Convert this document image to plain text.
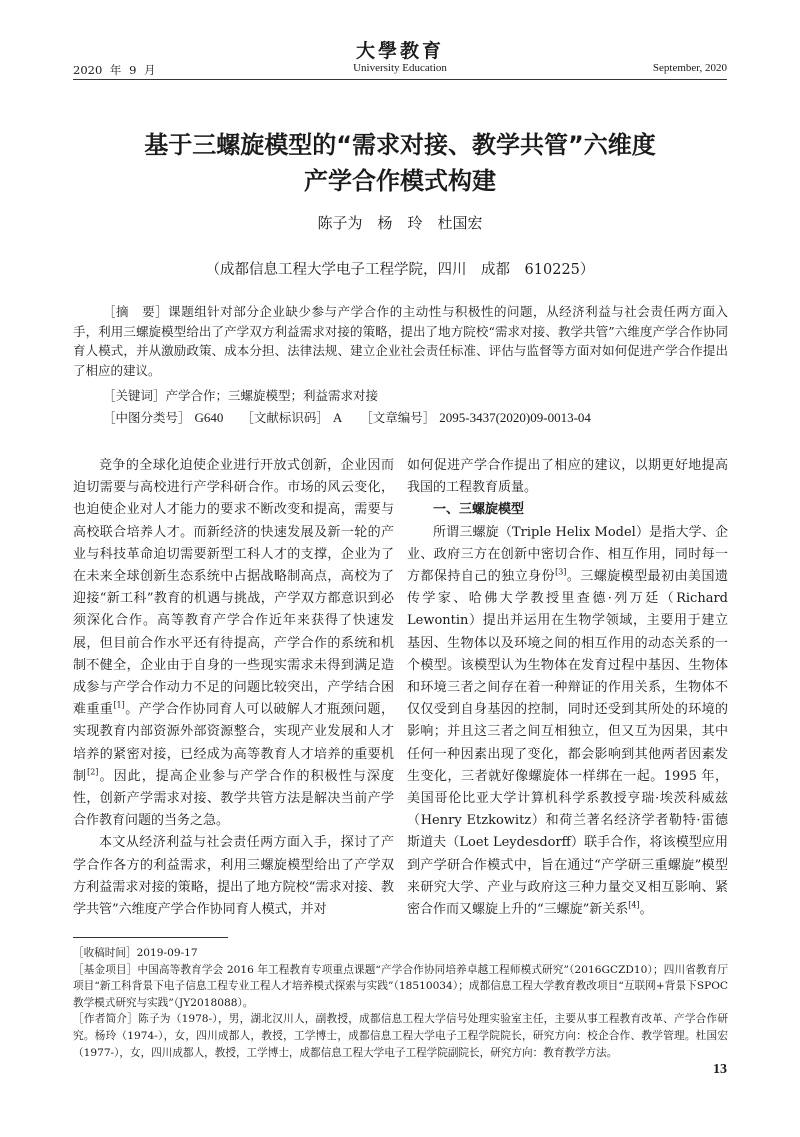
大學教育
2020 年 9 月	University Education	September, 2020
基于三螺旋模型的“需求对接、教学共管”六维度
产学合作模式构建
陈子为　杨　玲　杜国宏
（成都信息工程大学电子工程学院，四川　成都　610225）
［摘　要］课题组针对部分企业缺少参与产学合作的主动性与积极性的问题，从经济利益与社会责任两方面入手，利用三螺旋模型给出了产学双方利益需求对接的策略，提出了地方院校“需求对接、教学共管”六维度产学合作协同育人模式，并从激励政策、成本分担、法律法规、建立企业社会责任标准、评估与监督等方面对如何促进产学合作提出了相应的建议。
［关键词］产学合作；三螺旋模型；利益需求对接
［中图分类号］ G640 ［文献标识码］ A ［文章编号］ 2095-3437(2020)09-0013-04

竞争的全球化迫使企业进行开放式创新，企业因而迫切需要与高校进行产学科研合作。市场的风云变化，也迫使企业对人才能力的要求不断改变和提高，需要与高校联合培养人才。而新经济的快速发展及新一轮的产业与科技革命迫切需要新型工科人才的支撑，企业为了在未来全球创新生态系统中占据战略制高点，高校为了迎接“新工科”教育的机遇与挑战，产学双方都意识到必须深化合作。高等教育产学合作近年来获得了快速发展，但目前合作水平还有待提高，产学合作的系统和机制不健全，企业由于自身的一些现实需求未得到满足造成参与产学合作动力不足的问题比较突出，产学结合困难重重[1]。产学合作协同育人可以破解人才瓶颈问题，实现教育内部资源外部资源整合，实现产业发展和人才培养的紧密对接，已经成为高等教育人才培养的重要机制[2]。因此，提高企业参与产学合作的积极性与深度性，创新产学需求对接、教学共管方法是解决当前产学合作教育问题的当务之急。

本文从经济利益与社会责任两方面入手，探讨了产学合作各方的利益需求，利用三螺旋模型给出了产学双方利益需求对接的策略，提出了地方院校“需求对接、教学共管”六维度产学合作协同育人模式，并对

如何促进产学合作提出了相应的建议，以期更好地提高我国的工程教育质量。

一、三螺旋模型

所谓三螺旋（Triple Helix Model）是指大学、企业、政府三方在创新中密切合作、相互作用，同时每一方都保持自己的独立身份[3]。三螺旋模型最初由美国遗传学家、哈佛大学教授里查德·列万廷（Richard Lewontin）提出并运用在生物学领域，主要用于建立基因、生物体以及环境之间的相互作用的动态关系的一个模型。该模型认为生物体在发育过程中基因、生物体和环境三者之间存在着一种辩证的作用关系，生物体不仅仅受到自身基因的控制，同时还受到其所处的环境的影响；并且这三者之间互相独立，但又互为因果，其中任何一种因素出现了变化，都会影响到其他两者因素发生变化，三者就好像螺旋体一样绑在一起。1995 年，美国哥伦比亚大学计算机科学系教授亨瑞·埃茨科威兹（Henry Etzkowitz）和荷兰著名经济学者勒特·雷德斯道夫（Loet Leydesdorff）联手合作，将该模型应用到产学研合作模式中，旨在通过“产学研三重螺旋”模型来研究大学、产业与政府这三种力量交叉相互影响、紧密合作而又螺旋上升的“三螺旋”新关系[4]。

［收稿时间］2019-09-17

［基金项目］中国高等教育学会 2016 年工程教育专项重点课题“产学合作协同培养卓越工程师模式研究”（2016GCZD10）；四川省教育厅项目“新工科背景下电子信息工程专业工程人才培养模式探索与实践”（18510034）；成都信息工程大学教育教改项目“互联网+背景下SPOC教学模式研究与实践”（JY2018088）。

［作者简介］陈子为（1978-），男，湖北汉川人，副教授，成都信息工程大学信号处理实验室主任，主要从事工程教育改革、产学合作研究。杨玲（1974-），女，四川成都人，教授，工学博士，成都信息工程大学电子工程学院院长，研究方向：校企合作、教学管理。杜国宏（1977-），女，四川成都人，教授，工学博士，成都信息工程大学电子工程学院副院长，研究方向：教育教学方法。

13
